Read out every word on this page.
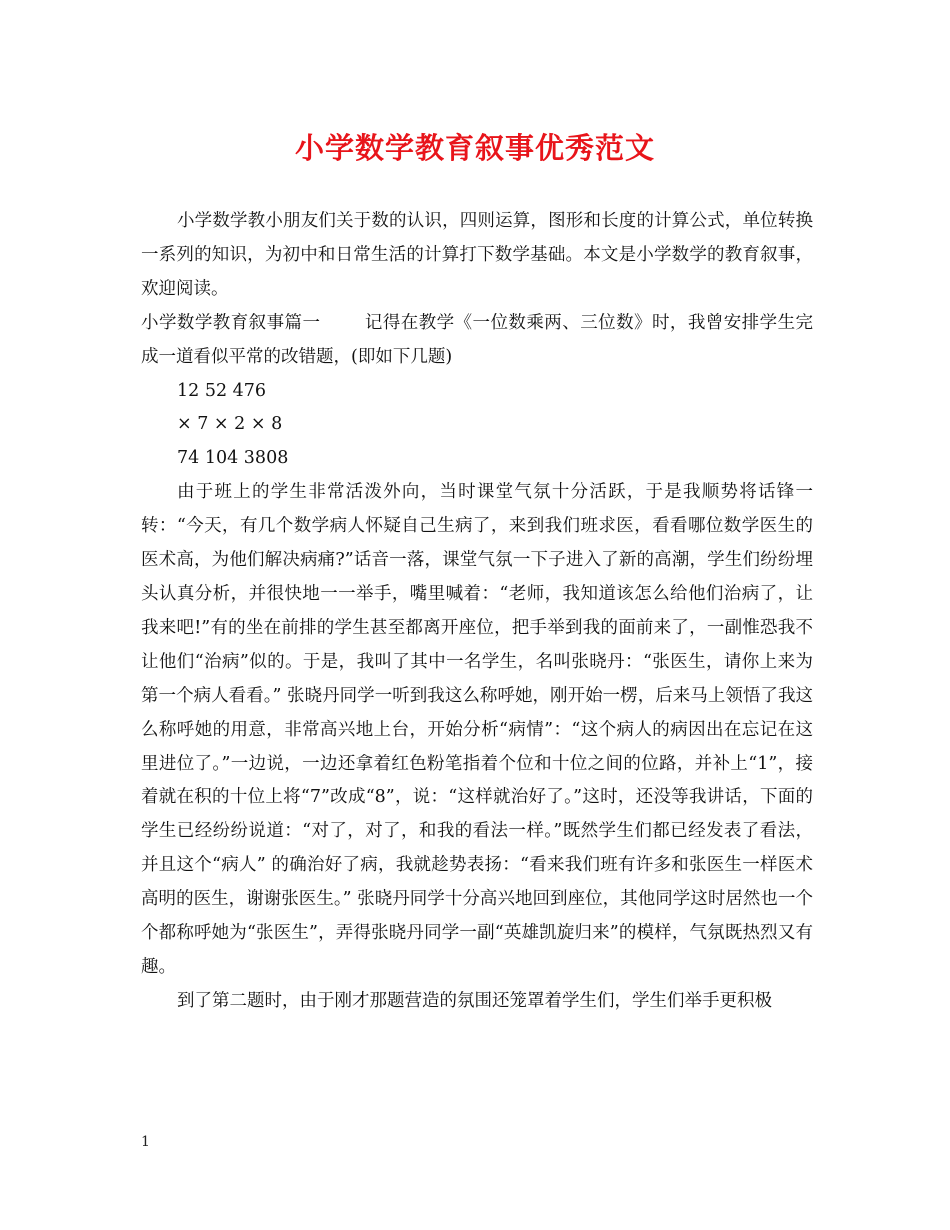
小学数学教育叙事优秀范文

小学数学教小朋友们关于数的认识，四则运算，图形和长度的计算公式，单位转换一系列的知识，为初中和日常生活的计算打下数学基础。本文是小学数学的教育叙事，欢迎阅读。

小学数学教育叙事篇一	记得在教学《一位数乘两、三位数》时，我曾安排学生完成一道看似平常的改错题，(即如下几题)

12 52 476

× 7 × 2 × 8

74 104 3808

由于班上的学生非常活泼外向，当时课堂气氛十分活跃，于是我顺势将话锋一转：“今天，有几个数学病人怀疑自己生病了，来到我们班求医，看看哪位数学医生的医术高，为他们解决病痛?”话音一落，课堂气氛一下子进入了新的高潮，学生们纷纷埋头认真分析，并很快地一一举手，嘴里喊着：“老师，我知道该怎么给他们治病了，让我来吧!”有的坐在前排的学生甚至都离开座位，把手举到我的面前来了，一副惟恐我不让他们“治病”似的。于是，我叫了其中一名学生，名叫张晓丹：“张医生，请你上来为第一个病人看看。” 张晓丹同学一听到我这么称呼她，刚开始一楞，后来马上领悟了我这么称呼她的用意，非常高兴地上台，开始分析“病情”：“这个病人的病因出在忘记在这里进位了。”一边说，一边还拿着红色粉笔指着个位和十位之间的位路，并补上“1”，接着就在积的十位上将“7”改成“8”，说：“这样就治好了。”这时，还没等我讲话，下面的学生已经纷纷说道：“对了，对了，和我的看法一样。”既然学生们都已经发表了看法，并且这个“病人” 的确治好了病，我就趁势表扬：“看来我们班有许多和张医生一样医术高明的医生，谢谢张医生。” 张晓丹同学十分高兴地回到座位，其他同学这时居然也一个个都称呼她为“张医生”，弄得张晓丹同学一副“英雄凯旋归来”的模样，气氛既热烈又有趣。

到了第二题时，由于刚才那题营造的氛围还笼罩着学生们，学生们举手更积极

1
